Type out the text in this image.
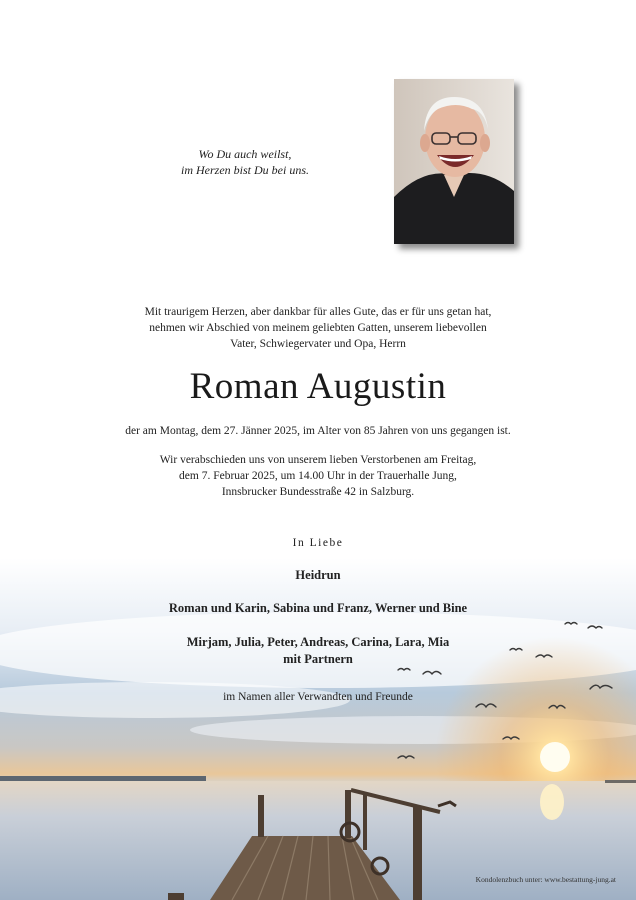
Wo Du auch weilst,
im Herzen bist Du bei uns.
Mit traurigem Herzen, aber dankbar für alles Gute, das er für uns getan hat,
nehmen wir Abschied von meinem geliebten Gatten, unserem liebevollen
Vater, Schwiegervater und Opa, Herrn
Roman Augustin
der am Montag, dem 27. Jänner 2025, im Alter von 85 Jahren von uns gegangen ist.
Wir verabschieden uns von unserem lieben Verstorbenen am Freitag,
dem 7. Februar 2025, um 14.00 Uhr in der Trauerhalle Jung,
Innsbrucker Bundesstraße 42 in Salzburg.
In Liebe
Heidrun
Roman und Karin, Sabina und Franz, Werner und Bine
Mirjam, Julia, Peter, Andreas, Carina, Lara, Mia
mit Partnern
im Namen aller Verwandten und Freunde
Kondolenzbuch unter: www.bestattung-jung.at
